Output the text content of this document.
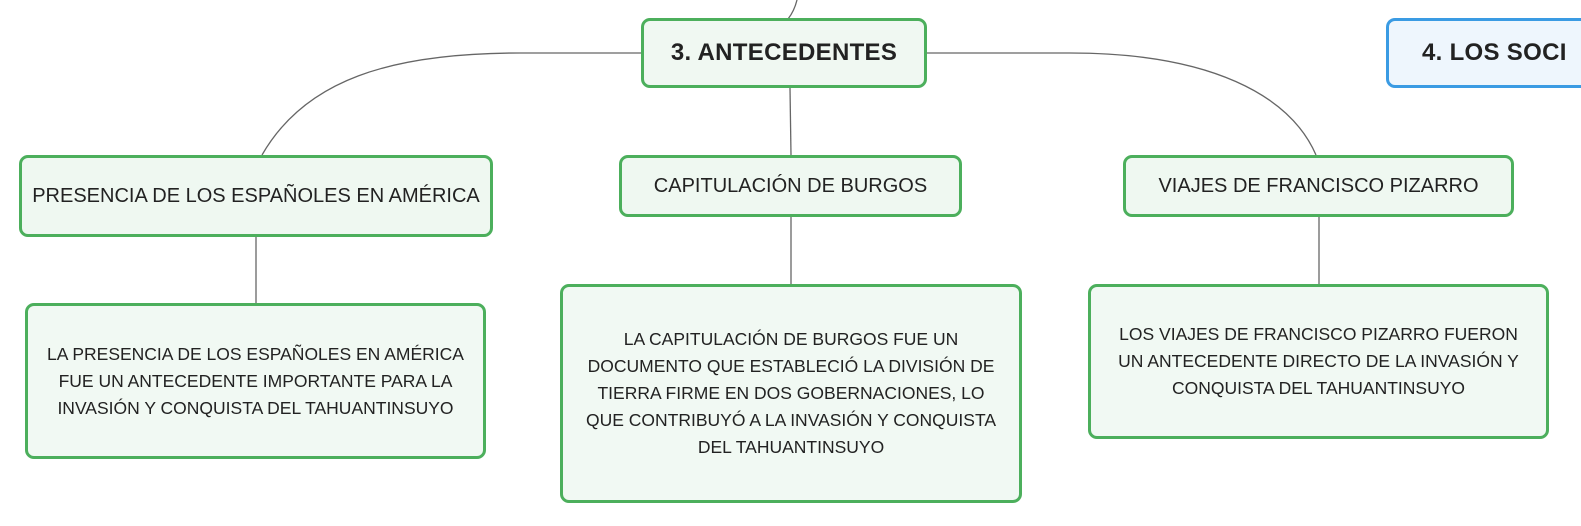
3. ANTECEDENTES	4. LOS SOCI
PRESENCIA DE LOS ESPAÑOLES EN AMÉRICA	CAPITULACIÓN DE BURGOS	VIAJES DE FRANCISCO PIZARRO
LA PRESENCIA DE LOS ESPAÑOLES EN AMÉRICA
FUE UN ANTECEDENTE IMPORTANTE PARA LA
INVASIÓN Y CONQUISTA DEL TAHUANTINSUYO
LA CAPITULACIÓN DE BURGOS FUE UN
DOCUMENTO QUE ESTABLECIÓ LA DIVISIÓN DE
TIERRA FIRME EN DOS GOBERNACIONES, LO
QUE CONTRIBUYÓ A LA INVASIÓN Y CONQUISTA
DEL TAHUANTINSUYO
LOS VIAJES DE FRANCISCO PIZARRO FUERON
UN ANTECEDENTE DIRECTO DE LA INVASIÓN Y
CONQUISTA DEL TAHUANTINSUYO
